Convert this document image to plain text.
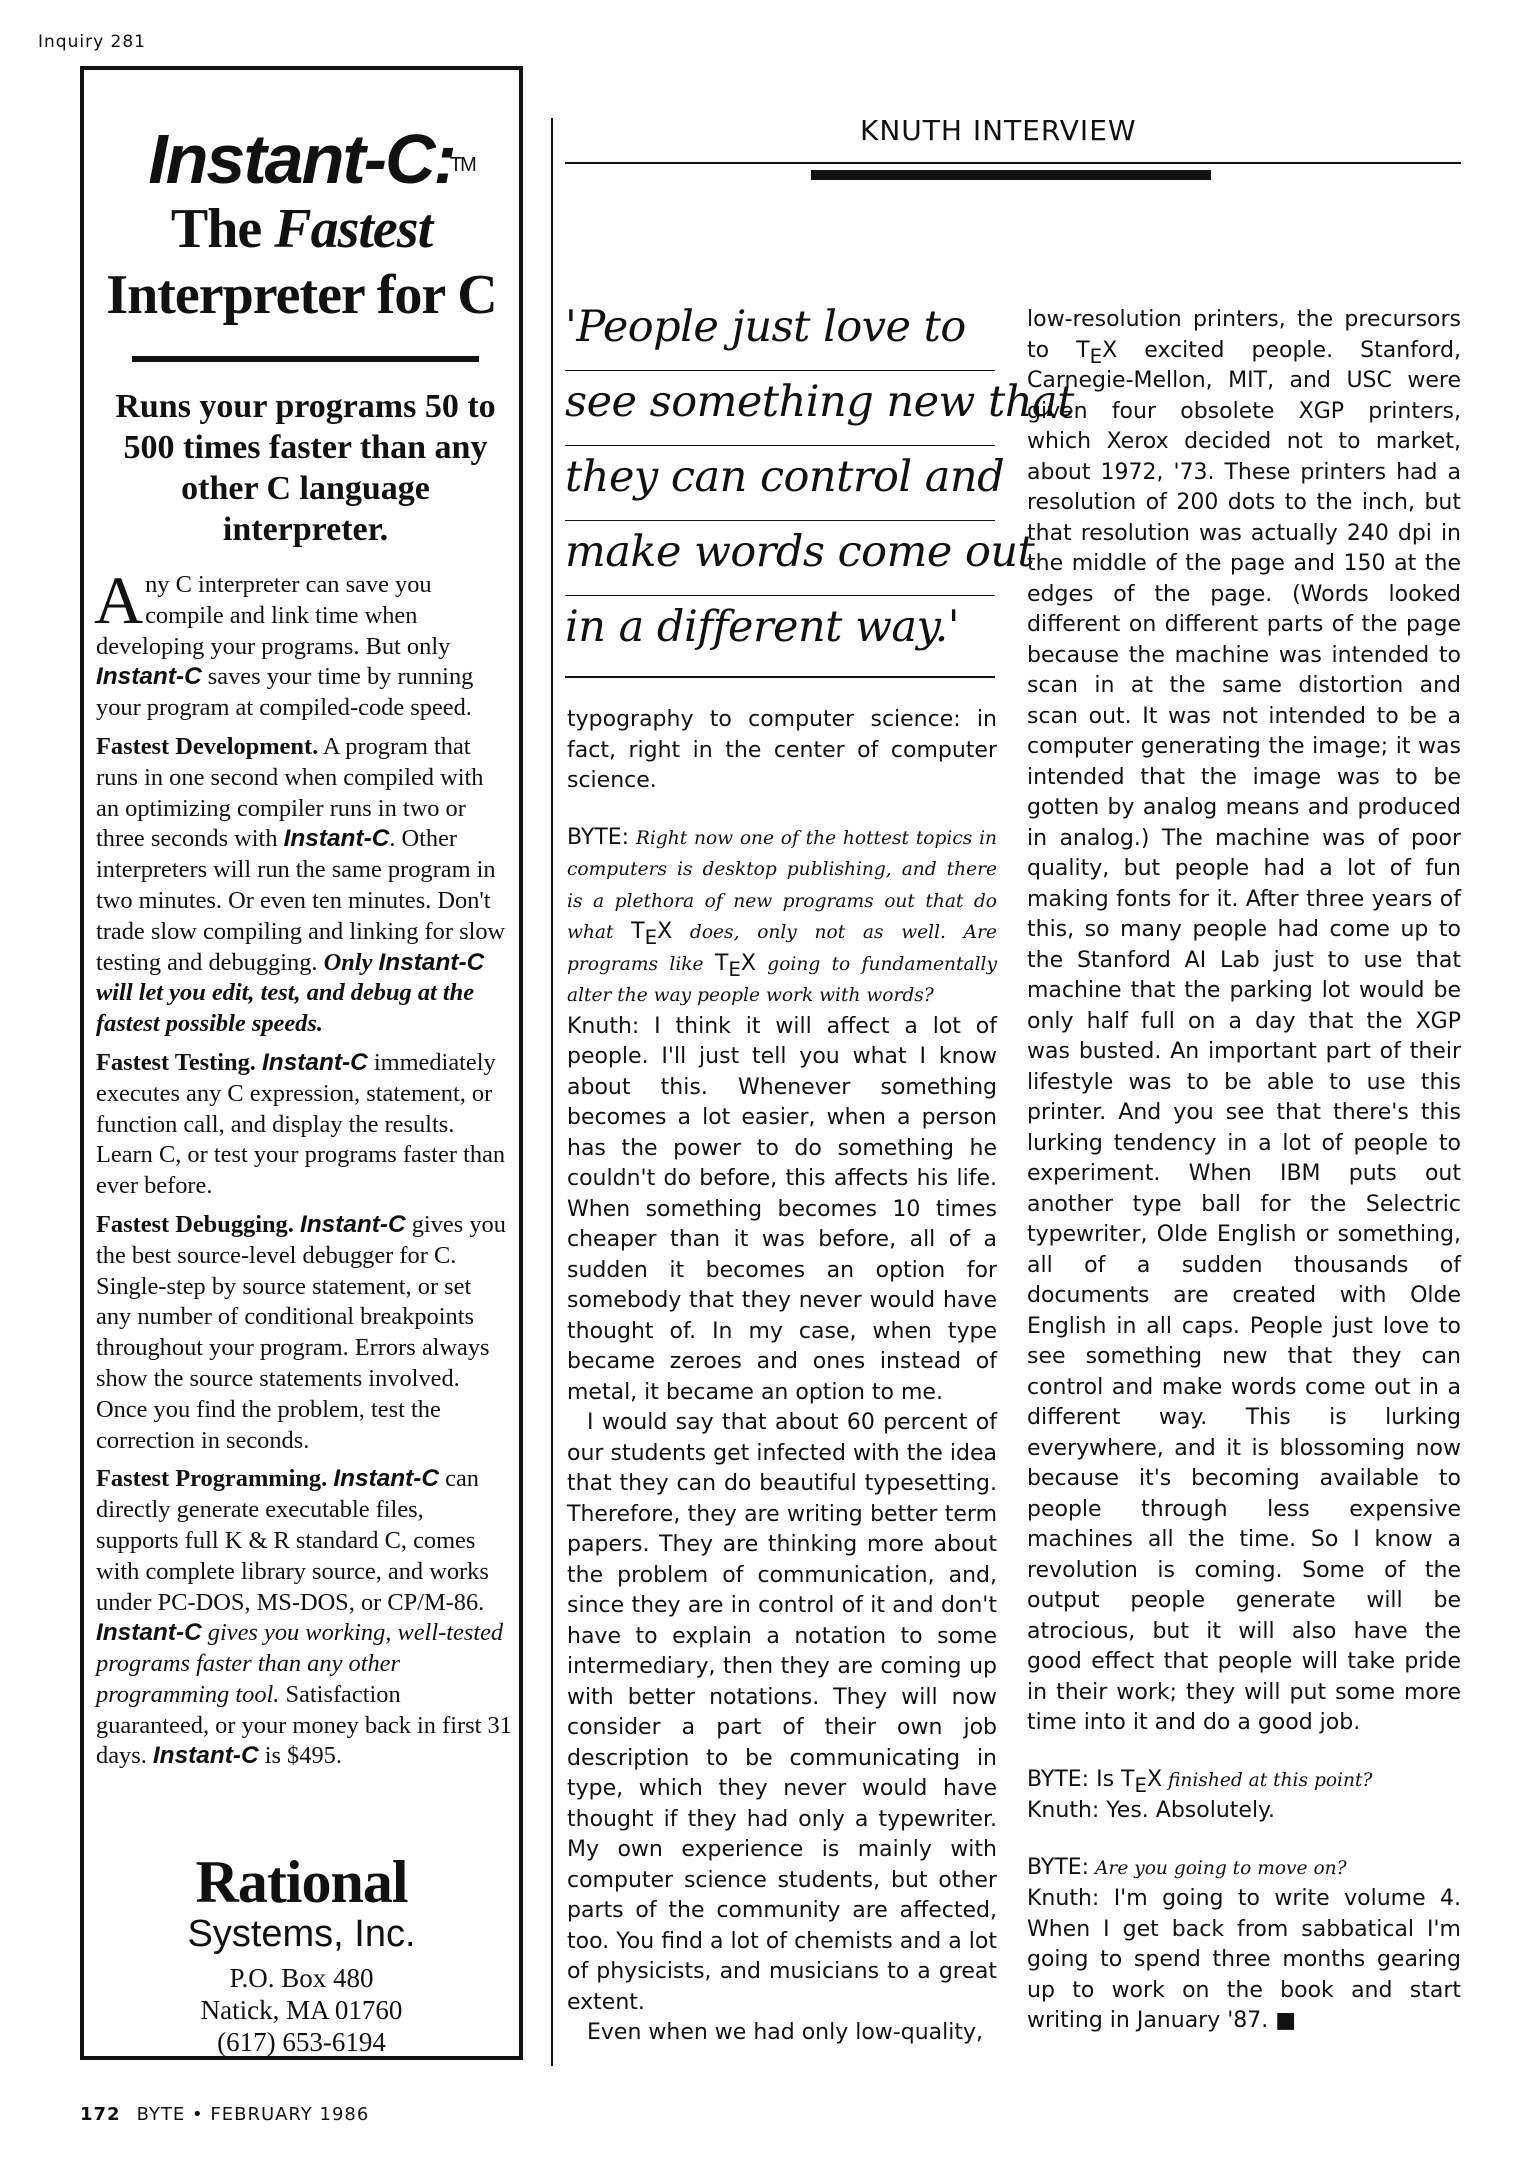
Inquiry 281
Instant-C:
TM
The Fastest
Interpreter for C
Runs your programs 50 to 500 times faster than any other C language interpreter.

Any C interpreter can save you compile and link time when developing your programs. But only Instant-C saves your time by running your program at compiled-code speed.

Fastest Development. A program that runs in one second when compiled with an optimizing compiler runs in two or three seconds with Instant-C. Other interpreters will run the same program in two minutes. Or even ten minutes. Don't trade slow compiling and linking for slow testing and debugging. Only Instant-C will let you edit, test, and debug at the fastest possible speeds.

Fastest Testing. Instant-C immediately executes any C expression, statement, or function call, and display the results. Learn C, or test your programs faster than ever before.

Fastest Debugging. Instant-C gives you the best source-level debugger for C. Single-step by source statement, or set any number of conditional breakpoints throughout your program. Errors always show the source statements involved. Once you find the problem, test the correction in seconds.

Fastest Programming. Instant-C can directly generate executable files, supports full K & R standard C, comes with complete library source, and works under PC-DOS, MS-DOS, or CP/M-86. Instant-C gives you working, well-tested programs faster than any other programming tool. Satisfaction guaranteed, or your money back in first 31 days. Instant-C is $495.

Rational
Systems, Inc.
P.O. Box 480
Natick, MA 01760
(617) 653-6194
KNUTH INTERVIEW
'People just love to
see something new that
they can control and
make words come out
in a different way.'

typography to computer science: in fact, right in the center of computer science.

BYTE: Right now one of the hottest topics in computers is desktop publishing, and there is a plethora of new programs out that do what TEX does, only not as well. Are programs like TEX going to fundamentally alter the way people work with words?

Knuth: I think it will affect a lot of people. I'll just tell you what I know about this. Whenever something becomes a lot easier, when a person has the power to do something he couldn't do before, this affects his life. When something becomes 10 times cheaper than it was before, all of a sudden it becomes an option for somebody that they never would have thought of. In my case, when type became zeroes and ones instead of metal, it became an option to me.

I would say that about 60 percent of our students get infected with the idea that they can do beautiful typesetting. Therefore, they are writing better term papers. They are thinking more about the problem of communication, and, since they are in control of it and don't have to explain a notation to some intermediary, then they are coming up with better notations. They will now consider a part of their own job description to be communicating in type, which they never would have thought if they had only a typewriter. My own experience is mainly with computer science students, but other parts of the community are affected, too. You find a lot of chemists and a lot of physicists, and musicians to a great extent.

Even when we had only low-quality,

low-resolution printers, the precursors to TEX excited people. Stanford, Carnegie-Mellon, MIT, and USC were given four obsolete XGP printers, which Xerox decided not to market, about 1972, '73. These printers had a resolution of 200 dots to the inch, but that resolution was actually 240 dpi in the middle of the page and 150 at the edges of the page. (Words looked different on different parts of the page because the machine was intended to scan in at the same distortion and scan out. It was not intended to be a computer generating the image; it was intended that the image was to be gotten by analog means and produced in analog.) The machine was of poor quality, but people had a lot of fun making fonts for it. After three years of this, so many people had come up to the Stanford AI Lab just to use that machine that the parking lot would be only half full on a day that the XGP was busted. An important part of their lifestyle was to be able to use this printer. And you see that there's this lurking tendency in a lot of people to experiment. When IBM puts out another type ball for the Selectric typewriter, Olde English or something, all of a sudden thousands of documents are created with Olde English in all caps. People just love to see something new that they can control and make words come out in a different way. This is lurking everywhere, and it is blossoming now because it's becoming available to people through less expensive machines all the time. So I know a revolution is coming. Some of the output people generate will be atrocious, but it will also have the good effect that people will take pride in their work; they will put some more time into it and do a good job.

BYTE: Is TEX finished at this point?

Knuth: Yes. Absolutely.

BYTE: Are you going to move on?

Knuth: I'm going to write volume 4. When I get back from sabbatical I'm going to spend three months gearing up to work on the book and start writing in January '87. ■

172 BYTE • FEBRUARY 1986
